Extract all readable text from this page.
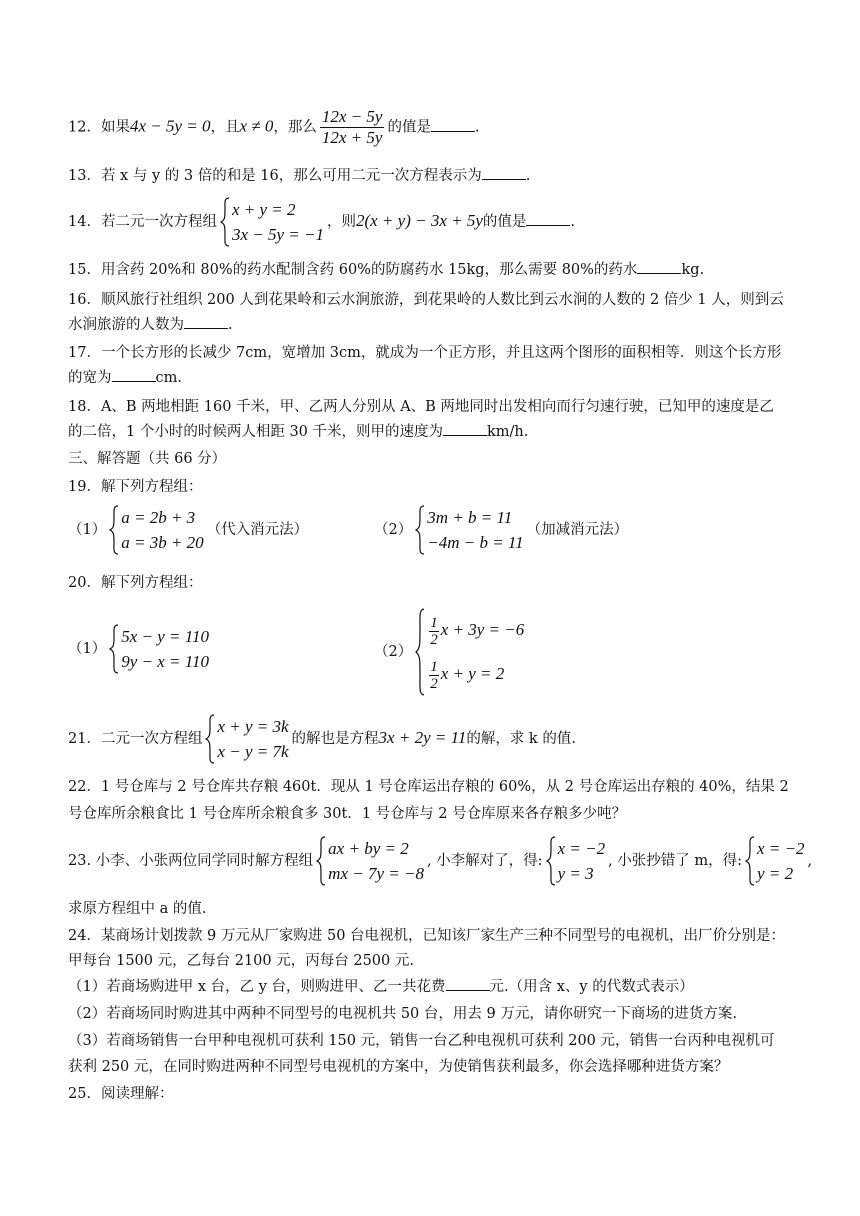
12．如果4x − 5y = 0，且x ≠ 0，那么 $\frac{12x - 5y}{12x + 5y}$ 的值是	.
13．若 x 与 y 的 3 倍的和是 16，那么可用二元一次方程表示为	.
14．若二元一次方程组
x + y = 2
3x − 5y = −1
，则2(x + y) − 3x + 5y的值是	.
15．用含药 20%和 80%的药水配制含药 60%的防腐药水 15kg，那么需要 80%的药水	kg.
16．顺风旅行社组织 200 人到花果岭和云水涧旅游，到花果岭的人数比到云水涧的人数的 2 倍少 1 人，则到云
水涧旅游的人数为	.
17．一个长方形的长减少 7cm，宽增加 3cm，就成为一个正方形，并且这两个图形的面积相等．则这个长方形
的宽为	cm.
18．A、B 两地相距 160 千米，甲、乙两人分别从 A、B 两地同时出发相向而行匀速行驶，已知甲的速度是乙
的二倍，1 个小时的时候两人相距 30 千米，则甲的速度为	km/h.
三、解答题（共 66 分）
19．解下列方程组：
（1）
a = 2b + 3
a = 3b + 20
（代入消元法）	（2）
3m + b = 11
−4m − b = 11
（加减消元法）
20．解下列方程组：
（1）
5x − y = 110
9y − x = 110	（2）
$\frac{1}{2}$ x + 3y = −6
$\frac{1}{2}$ x + y = 2
21．二元一次方程组
x + y = 3k
x − y = 7k
的解也是方程3x + 2y = 11的解，求 k 的值.
22．1 号仓库与 2 号仓库共存粮 460t．现从 1 号仓库运出存粮的 60%，从 2 号仓库运出存粮的 40%，结果 2
号仓库所余粮食比 1 号仓库所余粮食多 30t．1 号仓库与 2 号仓库原来各存粮多少吨？
23. 小李、小张两位同学同时解方程组
ax + by = 2
mx − 7y = −8
, 小李解对了，得:
x = −2
y = 3
, 小张抄错了 m，得:
x = −2
y = 2
,
求原方程组中 a 的值.
24．某商场计划拨款 9 万元从厂家购进 50 台电视机，已知该厂家生产三种不同型号的电视机，出厂价分别是：
甲每台 1500 元，乙每台 2100 元，丙每台 2500 元.
（1）若商场购进甲 x 台，乙 y 台，则购进甲、乙一共花费	元.（用含 x、y 的代数式表示）
（2）若商场同时购进其中两种不同型号的电视机共 50 台，用去 9 万元，请你研究一下商场的进货方案.
（3）若商场销售一台甲种电视机可获利 150 元，销售一台乙种电视机可获利 200 元，销售一台丙种电视机可
获利 250 元，在同时购进两种不同型号电视机的方案中，为使销售获利最多，你会选择哪种进货方案？
25．阅读理解：
